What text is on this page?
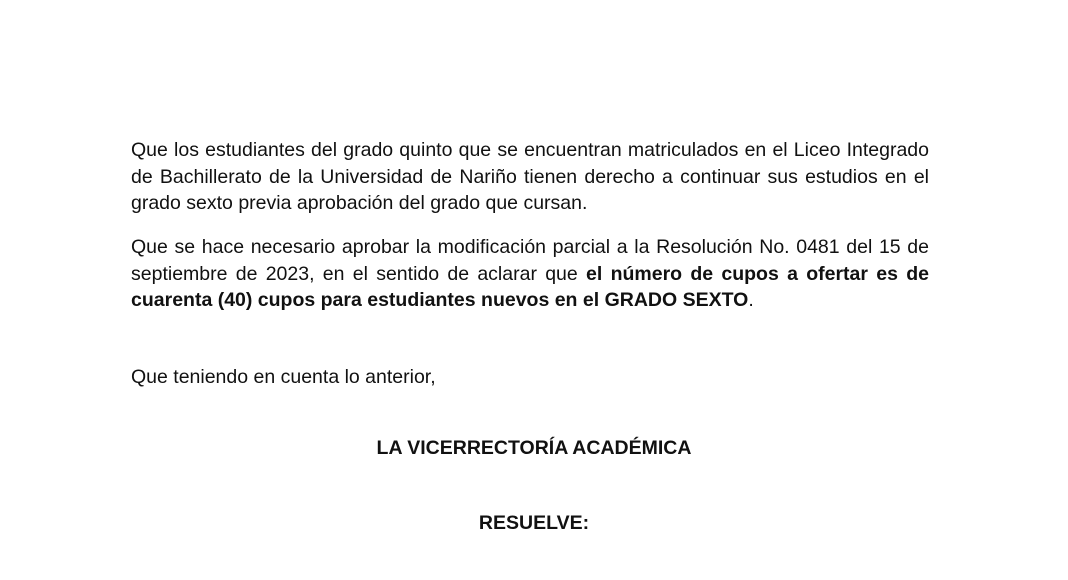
Que los estudiantes del grado quinto que se encuentran matriculados en el Liceo Integrado de Bachillerato de la Universidad de Nariño tienen derecho a continuar sus estudios en el grado sexto previa aprobación del grado que cursan.
Que se hace necesario aprobar la modificación parcial a la Resolución No. 0481 del 15 de septiembre de 2023, en el sentido de aclarar que el número de cupos a ofertar es de cuarenta (40) cupos para estudiantes nuevos en el GRADO SEXTO.
Que teniendo en cuenta lo anterior,
LA VICERRECTORÍA ACADÉMICA
RESUELVE:
